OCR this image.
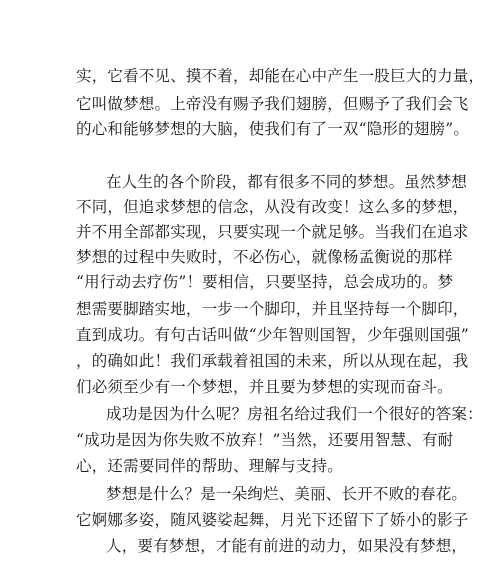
实，它看不见、摸不着，却能在心中产生一股巨大的力量，
它叫做梦想。上帝没有赐予我们翅膀，但赐予了我们会飞
的心和能够梦想的大脑，使我们有了一双“隐形的翅膀”。
在人生的各个阶段，都有很多不同的梦想。虽然梦想
不同，但追求梦想的信念，从没有改变！这么多的梦想，
并不用全部都实现，只要实现一个就足够。当我们在追求
梦想的过程中失败时，不必伤心，就像杨孟衡说的那样
“用行动去疗伤”！要相信，只要坚持，总会成功的。梦
想需要脚踏实地，一步一个脚印，并且坚持每一个脚印，
直到成功。有句古话叫做“少年智则国智，少年强则国强”
，的确如此！我们承载着祖国的未来，所以从现在起，我
们必须至少有一个梦想，并且要为梦想的实现而奋斗。
成功是因为什么呢？房祖名给过我们一个很好的答案：
“成功是因为你失败不放弃！”当然，还要用智慧、有耐
心，还需要同伴的帮助、理解与支持。
梦想是什么？是一朵绚烂、美丽、长开不败的春花。
它婀娜多姿，随风婆娑起舞，月光下还留下了娇小的影子
人，要有梦想，才能有前进的动力，如果没有梦想，
